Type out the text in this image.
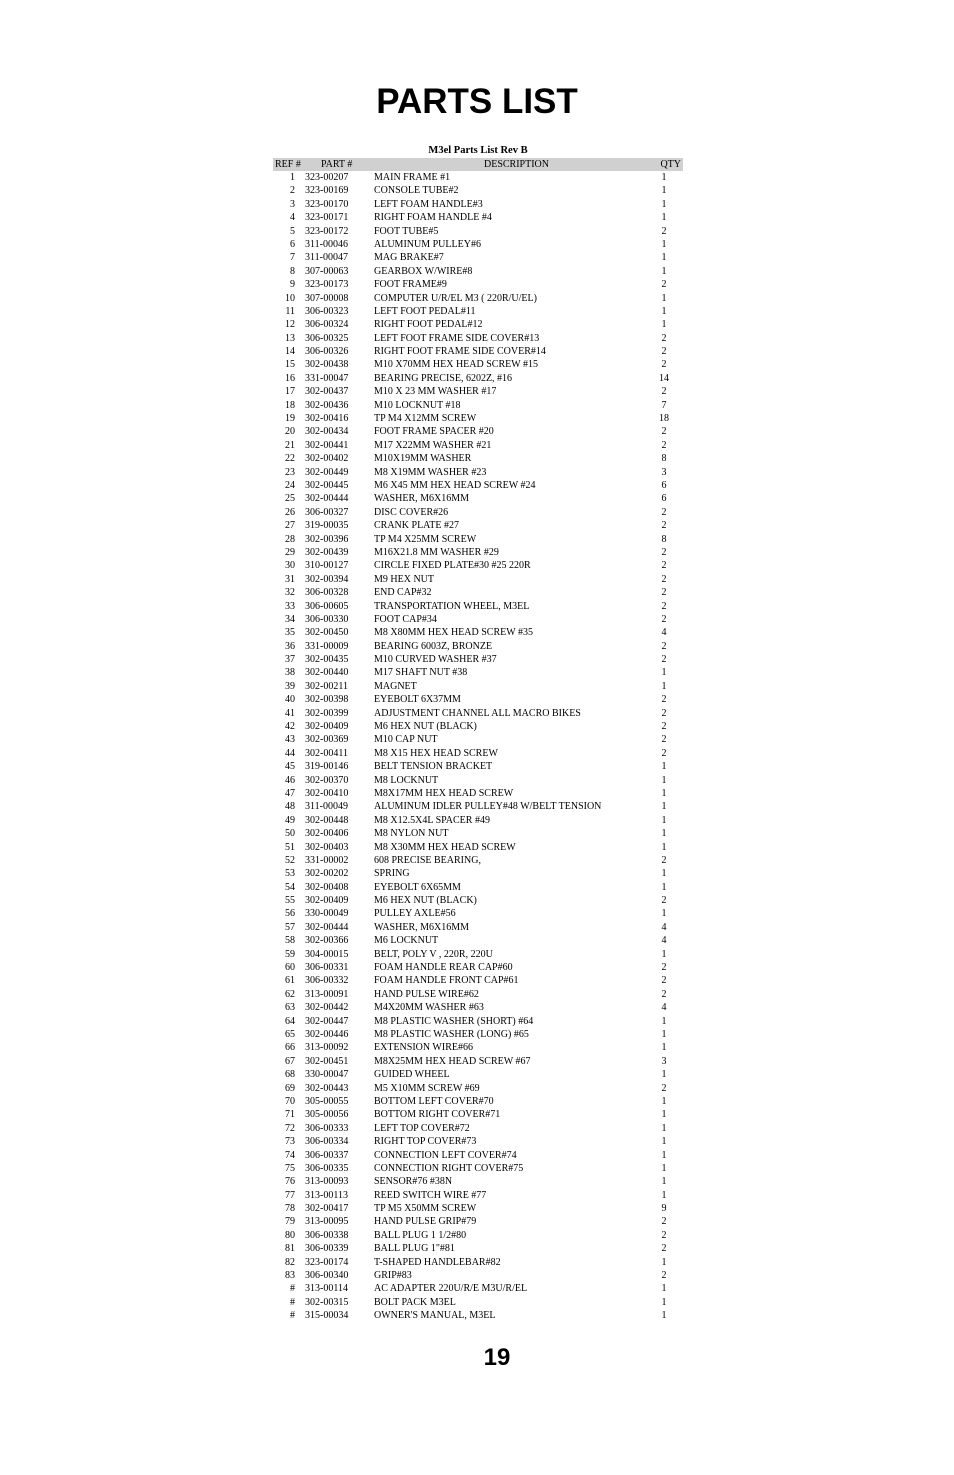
PARTS LIST
M3el Parts List Rev B
REF #	PART #	DESCRIPTION	QTY
1 323-00207	MAIN FRAME #1	1
2 323-00169	CONSOLE TUBE#2	1
3 323-00170	LEFT FOAM HANDLE#3	1
4 323-00171	RIGHT FOAM HANDLE #4	1
5 323-00172	FOOT TUBE#5	2
6 311-00046	ALUMINUM PULLEY#6	1
7 311-00047	MAG BRAKE#7	1
8 307-00063	GEARBOX W/WIRE#8	1
9 323-00173	FOOT FRAME#9	2
10 307-00008	COMPUTER U/R/EL M3 ( 220R/U/EL)	1
11 306-00323	LEFT FOOT PEDAL#11	1
12 306-00324	RIGHT FOOT PEDAL#12	1
13 306-00325	LEFT FOOT FRAME SIDE COVER#13	2
14 306-00326	RIGHT FOOT FRAME SIDE COVER#14	2
15 302-00438	M10 X70MM HEX HEAD SCREW #15	2
16 331-00047	BEARING PRECISE, 6202Z, #16	14
17 302-00437	M10 X 23 MM WASHER #17	2
18 302-00436	M10 LOCKNUT #18	7
19 302-00416	TP M4 X12MM SCREW	18
20 302-00434	FOOT FRAME SPACER #20	2
21 302-00441	M17 X22MM WASHER #21	2
22 302-00402	M10X19MM WASHER	8
23 302-00449	M8 X19MM WASHER #23	3
24 302-00445	M6 X45 MM HEX HEAD SCREW #24	6
25 302-00444	WASHER, M6X16MM	6
26 306-00327	DISC COVER#26	2
27 319-00035	CRANK PLATE #27	2
28 302-00396	TP M4 X25MM SCREW	8
29 302-00439	M16X21.8 MM WASHER #29	2
30 310-00127	CIRCLE FIXED PLATE#30 #25 220R	2
31 302-00394	M9 HEX NUT	2
32 306-00328	END CAP#32	2
33 306-00605	TRANSPORTATION WHEEL, M3EL	2
34 306-00330	FOOT CAP#34	2
35 302-00450	M8 X80MM HEX HEAD SCREW #35	4
36 331-00009	BEARING 6003Z, BRONZE	2
37 302-00435	M10 CURVED WASHER #37	2
38 302-00440	M17 SHAFT NUT #38	1
39 302-00211	MAGNET	1
40 302-00398	EYEBOLT 6X37MM	2
41 302-00399	ADJUSTMENT CHANNEL ALL MACRO BIKES	2
42 302-00409	M6 HEX NUT (BLACK)	2
43 302-00369	M10 CAP NUT	2
44 302-00411	M8 X15 HEX HEAD SCREW	2
45 319-00146	BELT TENSION BRACKET	1
46 302-00370	M8 LOCKNUT	1
47 302-00410	M8X17MM HEX HEAD SCREW	1
48 311-00049	ALUMINUM IDLER PULLEY#48 W/BELT TENSION	1
49 302-00448	M8 X12.5X4L SPACER #49	1
50 302-00406	M8 NYLON NUT	1
51 302-00403	M8 X30MM HEX HEAD SCREW	1
52 331-00002	608 PRECISE BEARING,	2
53 302-00202	SPRING	1
54 302-00408	EYEBOLT 6X65MM	1
55 302-00409	M6 HEX NUT (BLACK)	2
56 330-00049	PULLEY AXLE#56	1
57 302-00444	WASHER, M6X16MM	4
58 302-00366	M6 LOCKNUT	4
59 304-00015	BELT, POLY V , 220R, 220U	1
60 306-00331	FOAM HANDLE REAR CAP#60	2
61 306-00332	FOAM HANDLE FRONT CAP#61	2
62 313-00091	HAND PULSE WIRE#62	2
63 302-00442	M4X20MM WASHER #63	4
64 302-00447	M8 PLASTIC WASHER (SHORT) #64	1
65 302-00446	M8 PLASTIC WASHER (LONG) #65	1
66 313-00092	EXTENSION WIRE#66	1
67 302-00451	M8X25MM HEX HEAD SCREW #67	3
68 330-00047	GUIDED WHEEL	1
69 302-00443	M5 X10MM SCREW #69	2
70 305-00055	BOTTOM LEFT COVER#70	1
71 305-00056	BOTTOM RIGHT COVER#71	1
72 306-00333	LEFT TOP COVER#72	1
73 306-00334	RIGHT TOP COVER#73	1
74 306-00337	CONNECTION LEFT COVER#74	1
75 306-00335	CONNECTION RIGHT COVER#75	1
76 313-00093	SENSOR#76 #38N	1
77 313-00113	REED SWITCH WIRE #77	1
78 302-00417	TP M5 X50MM SCREW	9
79 313-00095	HAND PULSE GRIP#79	2
80 306-00338	BALL PLUG 1 1/2#80	2
81 306-00339	BALL PLUG 1"#81	2
82 323-00174	T-SHAPED HANDLEBAR#82	1
83 306-00340	GRIP#83	2
# 313-00114	AC ADAPTER 220U/R/E M3U/R/EL	1
# 302-00315	BOLT PACK M3EL	1
# 315-00034	OWNER'S MANUAL, M3EL	1
19
